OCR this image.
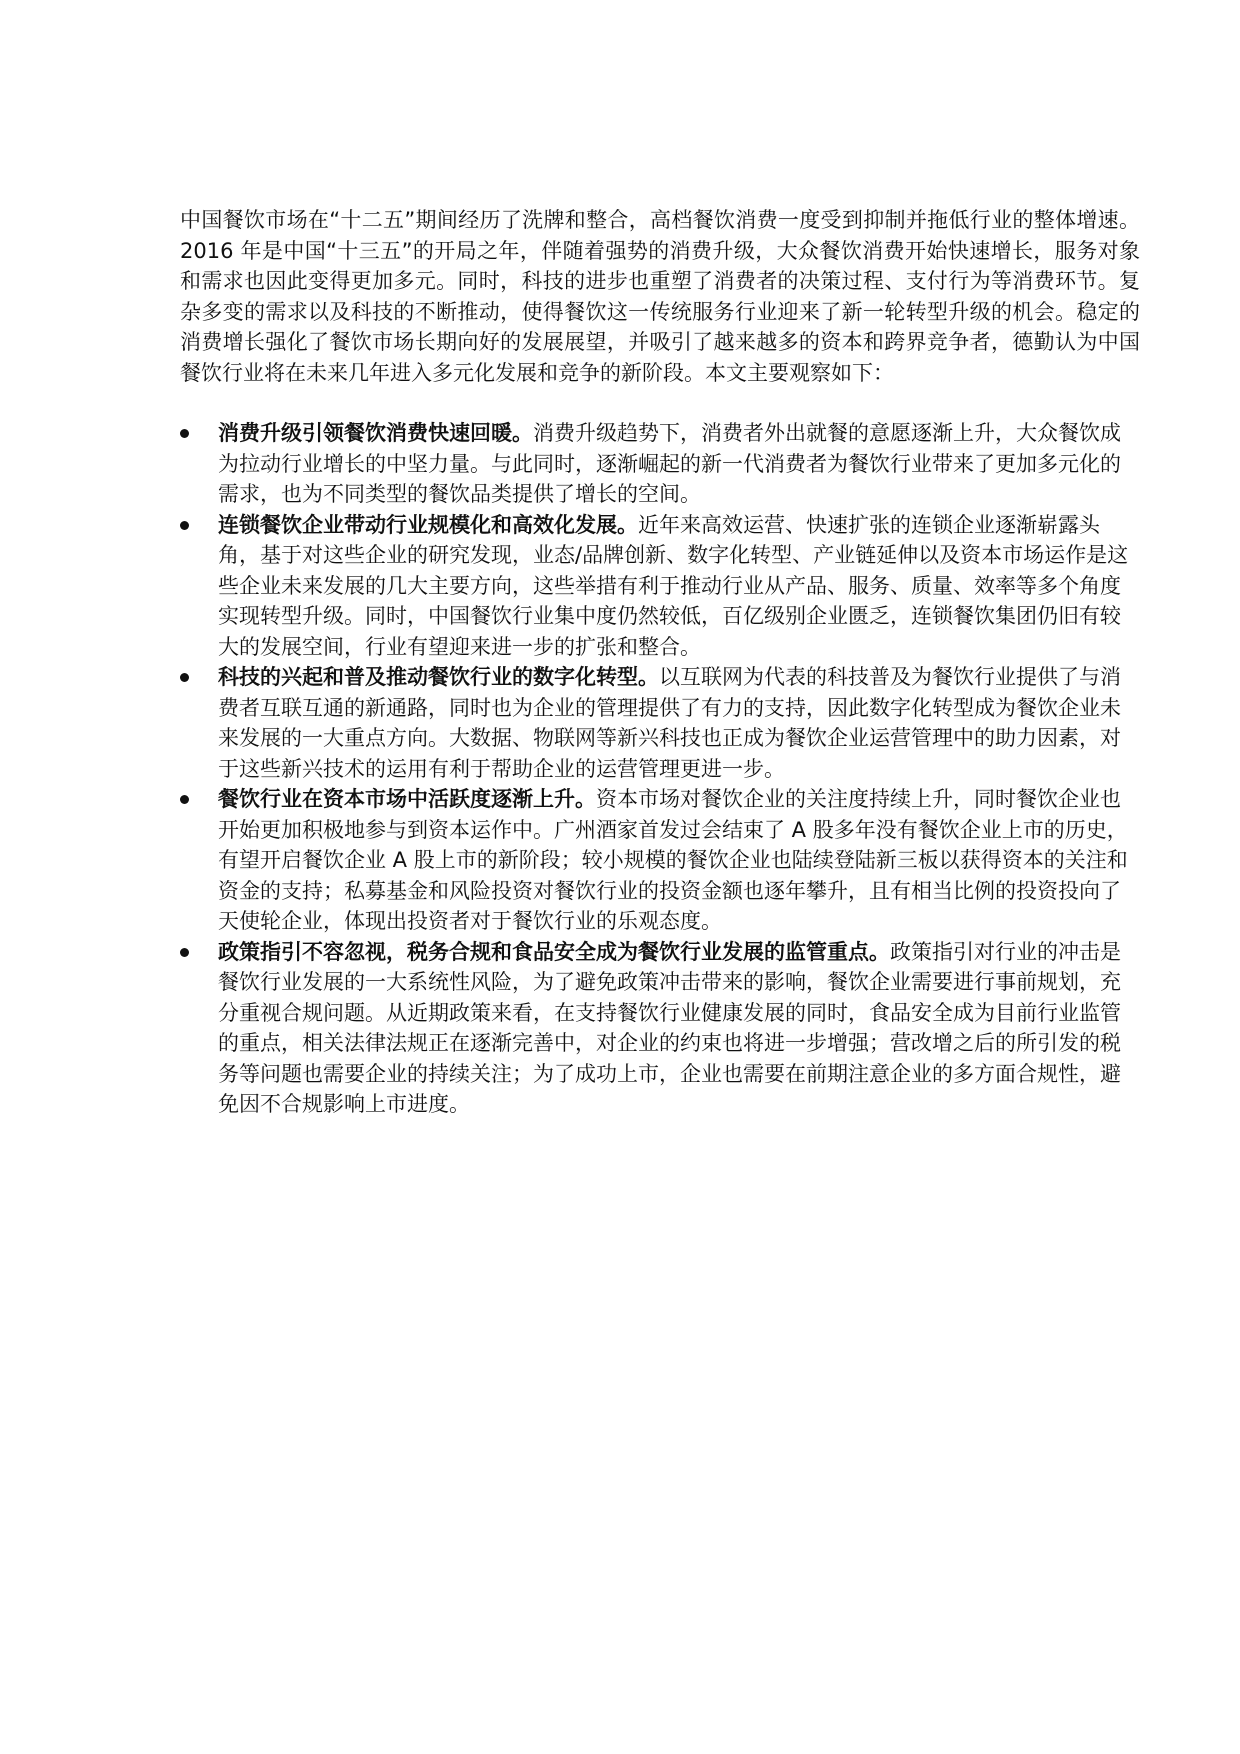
中国餐饮市场在“十二五”期间经历了洗牌和整合，高档餐饮消费一度受到抑制并拖低行业的整体增速。2016 年是中国“十三五”的开局之年，伴随着强势的消费升级，大众餐饮消费开始快速增长，服务对象和需求也因此变得更加多元。同时，科技的进步也重塑了消费者的决策过程、支付行为等消费环节。复杂多变的需求以及科技的不断推动，使得餐饮这一传统服务行业迎来了新一轮转型升级的机会。稳定的消费增长强化了餐饮市场长期向好的发展展望，并吸引了越来越多的资本和跨界竞争者，德勤认为中国餐饮行业将在未来几年进入多元化发展和竞争的新阶段。本文主要观察如下：

消费升级引领餐饮消费快速回暖。消费升级趋势下，消费者外出就餐的意愿逐渐上升，大众餐饮成为拉动行业增长的中坚力量。与此同时，逐渐崛起的新一代消费者为餐饮行业带来了更加多元化的需求，也为不同类型的餐饮品类提供了增长的空间。
连锁餐饮企业带动行业规模化和高效化发展。近年来高效运营、快速扩张的连锁企业逐渐崭露头角，基于对这些企业的研究发现，业态/品牌创新、数字化转型、产业链延伸以及资本市场运作是这些企业未来发展的几大主要方向，这些举措有利于推动行业从产品、服务、质量、效率等多个角度实现转型升级。同时，中国餐饮行业集中度仍然较低，百亿级别企业匮乏，连锁餐饮集团仍旧有较大的发展空间，行业有望迎来进一步的扩张和整合。
科技的兴起和普及推动餐饮行业的数字化转型。以互联网为代表的科技普及为餐饮行业提供了与消费者互联互通的新通路，同时也为企业的管理提供了有力的支持，因此数字化转型成为餐饮企业未来发展的一大重点方向。大数据、物联网等新兴科技也正成为餐饮企业运营管理中的助力因素，对于这些新兴技术的运用有利于帮助企业的运营管理更进一步。
餐饮行业在资本市场中活跃度逐渐上升。资本市场对餐饮企业的关注度持续上升，同时餐饮企业也开始更加积极地参与到资本运作中。广州酒家首发过会结束了 A 股多年没有餐饮企业上市的历史，有望开启餐饮企业 A 股上市的新阶段；较小规模的餐饮企业也陆续登陆新三板以获得资本的关注和资金的支持；私募基金和风险投资对餐饮行业的投资金额也逐年攀升，且有相当比例的投资投向了天使轮企业，体现出投资者对于餐饮行业的乐观态度。
政策指引不容忽视，税务合规和食品安全成为餐饮行业发展的监管重点。政策指引对行业的冲击是餐饮行业发展的一大系统性风险，为了避免政策冲击带来的影响，餐饮企业需要进行事前规划，充分重视合规问题。从近期政策来看，在支持餐饮行业健康发展的同时，食品安全成为目前行业监管的重点，相关法律法规正在逐渐完善中，对企业的约束也将进一步增强；营改增之后的所引发的税务等问题也需要企业的持续关注；为了成功上市，企业也需要在前期注意企业的多方面合规性，避免因不合规影响上市进度。
